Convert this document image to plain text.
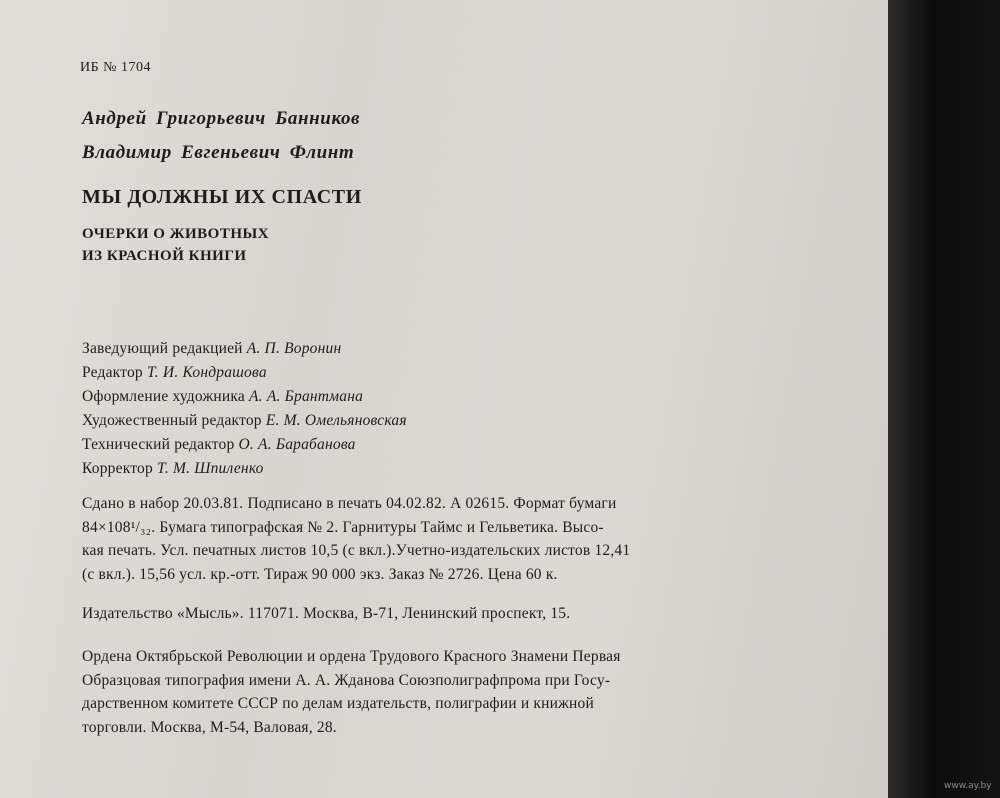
ИБ № 1704

Андрей Григорьевич Банников

Владимир Евгеньевич Флинт

МЫ ДОЛЖНЫ ИХ СПАСТИ

ОЧЕРКИ О ЖИВОТНЫХ

ИЗ КРАСНОЙ КНИГИ

Заведующий редакцией А. П. Воронин

Редактор Т. И. Кондрашова

Оформление художника А. А. Брантмана

Художественный редактор Е. М. Омельяновская

Технический редактор О. А. Барабанова

Корректор Т. М. Шпиленко

Сдано в набор 20.03.81. Подписано в печать 04.02.82. А 02615. Формат бумаги
84×108¹/₃₂. Бумага типографская № 2. Гарнитуры Таймс и Гельветика. Высо-
кая печать. Усл. печатных листов 10,5 (с вкл.).Учетно-издательских листов 12,41
(с вкл.). 15,56 усл. кр.-отт. Тираж 90 000 экз. Заказ № 2726. Цена 60 к.

Издательство «Мысль». 117071. Москва, В-71, Ленинский проспект, 15.

Ордена Октябрьской Революции и ордена Трудового Красного Знамени Первая
Образцовая типография имени А. А. Жданова Союзполиграфпрома при Госу-
дарственном комитете СССР по делам издательств, полиграфии и книжной
торговли. Москва, М-54, Валовая, 28.
www.ay.by
